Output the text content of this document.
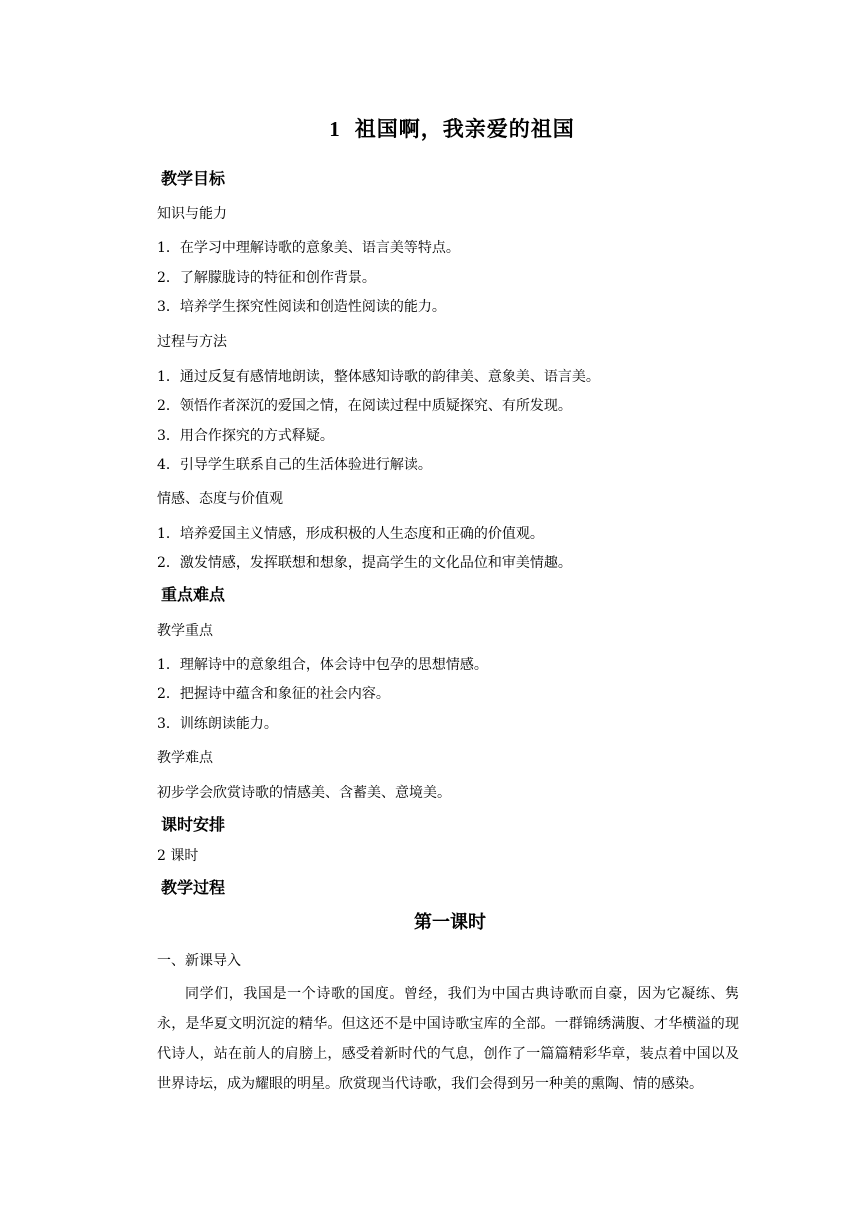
1 祖国啊，我亲爱的祖国
教学目标
知识与能力
1．在学习中理解诗歌的意象美、语言美等特点。
2．了解朦胧诗的特征和创作背景。
3．培养学生探究性阅读和创造性阅读的能力。
过程与方法
1．通过反复有感情地朗读，整体感知诗歌的韵律美、意象美、语言美。
2．领悟作者深沉的爱国之情，在阅读过程中质疑探究、有所发现。
3．用合作探究的方式释疑。
4．引导学生联系自己的生活体验进行解读。
情感、态度与价值观
1．培养爱国主义情感，形成积极的人生态度和正确的价值观。
2．激发情感，发挥联想和想象，提高学生的文化品位和审美情趣。
重点难点
教学重点
1．理解诗中的意象组合，体会诗中包孕的思想情感。
2．把握诗中蕴含和象征的社会内容。
3．训练朗读能力。
教学难点
初步学会欣赏诗歌的情感美、含蓄美、意境美。
课时安排
2 课时
教学过程
第一课时
一、新课导入
同学们，我国是一个诗歌的国度。曾经，我们为中国古典诗歌而自豪，因为它凝练、隽永，是华夏文明沉淀的精华。但这还不是中国诗歌宝库的全部。一群锦绣满腹、才华横溢的现代诗人，站在前人的肩膀上，感受着新时代的气息，创作了一篇篇精彩华章，装点着中国以及世界诗坛，成为耀眼的明星。欣赏现当代诗歌，我们会得到另一种美的熏陶、情的感染。
